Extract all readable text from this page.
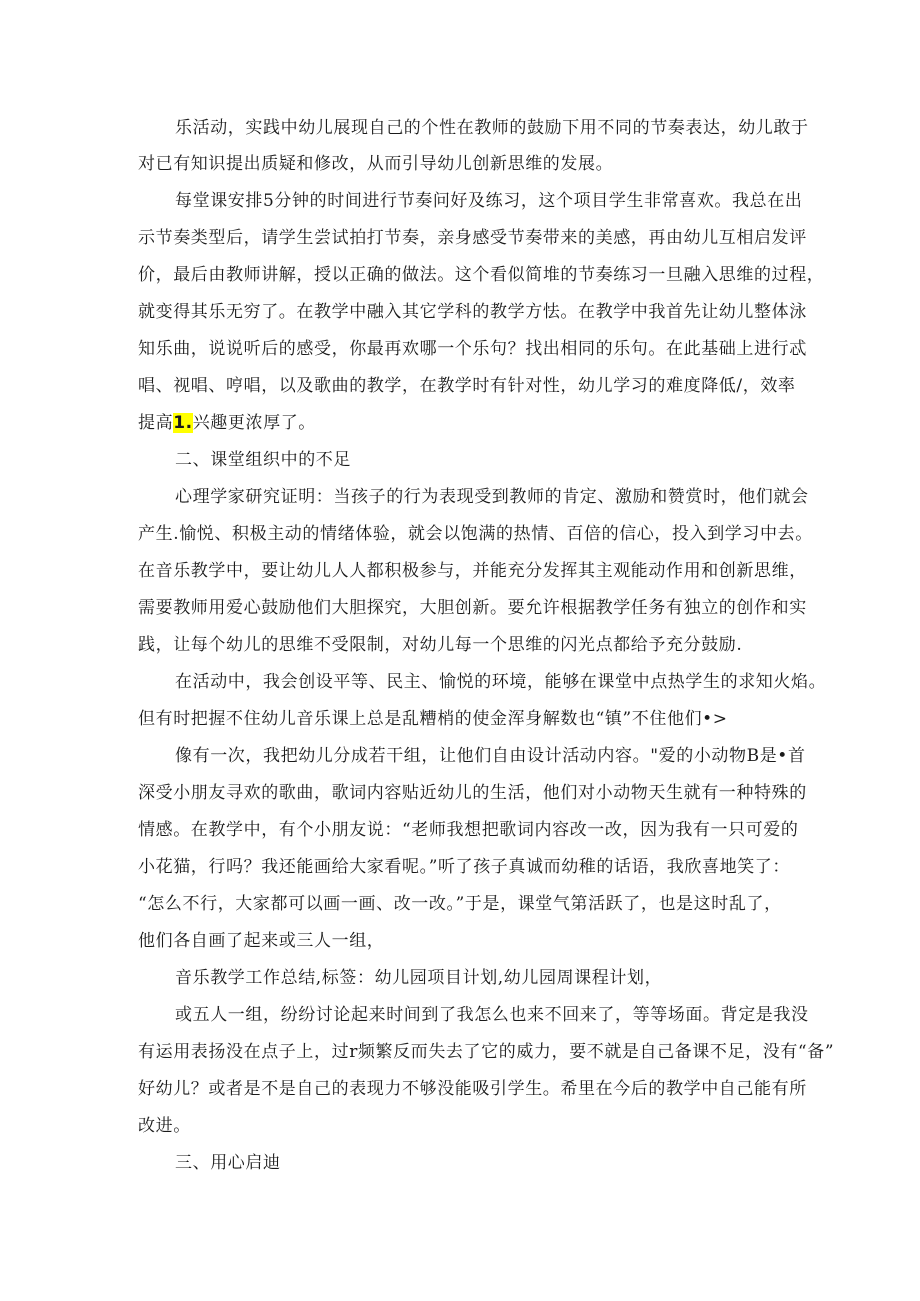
乐活动，实践中幼儿展现自己的个性在教师的鼓励下用不同的节奏表达，幼儿敢于
对已有知识提出质疑和修改，从而引导幼儿创新思维的发展。
每堂课安排5分钟的时间进行节奏问好及练习，这个项目学生非常喜欢。我总在出
示节奏类型后，请学生尝试拍打节奏，亲身感受节奏带来的美感，再由幼儿互相启发评
价，最后由教师讲解，授以正确的做法。这个看似简堆的节奏练习一旦融入思维的过程，
就变得其乐无穷了。在教学中融入其它学科的教学方怯。在教学中我首先让幼儿整体泳
知乐曲，说说听后的感受，你最再欢哪一个乐句？找出相同的乐句。在此基础上进行忒
唱、视唱、哼唱，以及歌曲的教学，在教学时有针对性，幼儿学习的难度降低/，效率
提高1.兴趣更浓厚了。
二、课堂组织中的不足
心理学家研究证明：当孩子的行为表现受到教师的肯定、激励和赞赏时，他们就会
产生.愉悦、积极主动的情绪体验，就会以饱满的热情、百倍的信心，投入到学习中去。
在音乐教学中，要让幼儿人人都积极参与，并能充分发挥其主观能动作用和创新思维，
需要教师用爱心鼓励他们大胆探究，大胆创新。要允许根据教学任务有独立的创作和实
践，让每个幼儿的思维不受限制，对幼儿每一个思维的闪光点都给予充分鼓励.
在活动中，我会创设平等、民主、愉悦的环境，能够在课堂中点热学生的求知火焰。
但有时把握不住幼儿音乐课上总是乱糟梢的使金浑身解数也“镇”不住他们•>
像有一次，我把幼儿分成若干组，让他们自由设计活动内容。"爱的小动物B是•首
深受小朋友寻欢的歌曲，歌词内容贴近幼儿的生活，他们对小动物天生就有一种特殊的
情感。在教学中，有个小朋友说：“老师我想把歌词内容改一改，因为我有一只可爱的
小花猫，行吗？我还能画给大家看呢。”听了孩子真诚而幼稚的话语，我欣喜地笑了：
“怎么不行，大家都可以画一画、改一改。”于是，课堂气第活跃了，也是这时乱了，
他们各自画了起来或三人一组，
音乐教学工作总结,标签：幼儿园项目计划,幼儿园周课程计划，
或五人一组，纷纷讨论起来时间到了我怎么也来不回来了，等等场面。背定是我没
有运用表扬没在点子上，过r频繁反而失去了它的威力，要不就是自己备课不足，没有“备”
好幼儿？或者是不是自己的表现力不够没能吸引学生。希里在今后的教学中自己能有所
改进。
三、用心启迪
